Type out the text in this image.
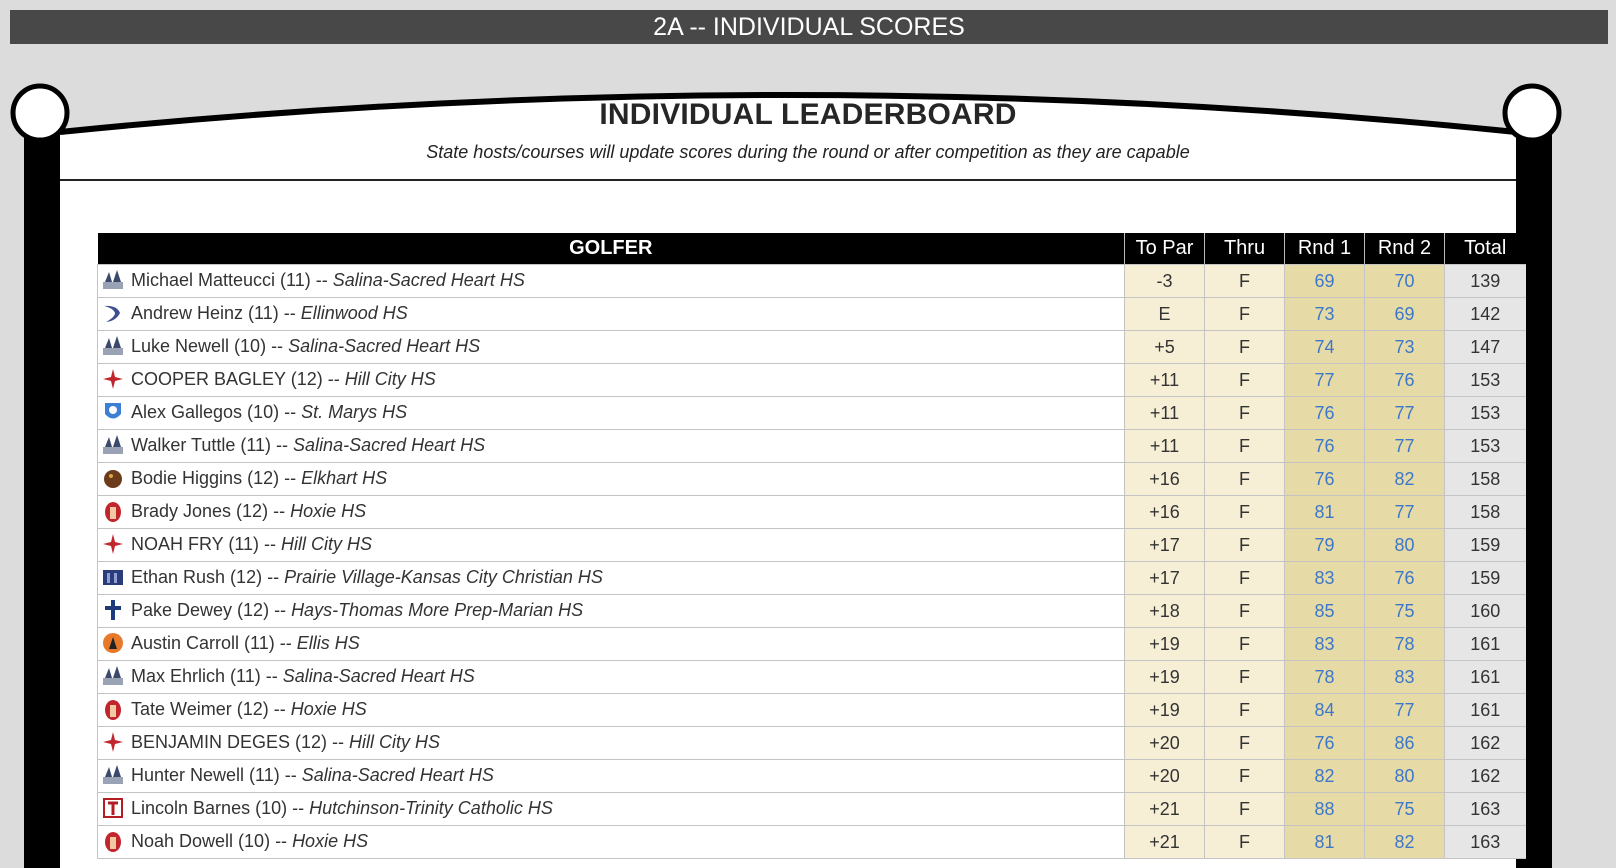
2A -- INDIVIDUAL SCORES
INDIVIDUAL LEADERBOARD
State hosts/courses will update scores during the round or after competition as they are capable
GOLFER	To Par	Thru	Rnd 1	Rnd 2	Total

Michael Matteucci (11) -- Salina-Sacred Heart HS	-3	F	69	70	139

Andrew Heinz (11) -- Ellinwood HS	E	F	73	69	142

Luke Newell (10) -- Salina-Sacred Heart HS	+5	F	74	73	147

COOPER BAGLEY (12) -- Hill City HS	+11	F	77	76	153

Alex Gallegos (10) -- St. Marys HS	+11	F	76	77	153

Walker Tuttle (11) -- Salina-Sacred Heart HS	+11	F	76	77	153

Bodie Higgins (12) -- Elkhart HS	+16	F	76	82	158

Brady Jones (12) -- Hoxie HS	+16	F	81	77	158

NOAH FRY (11) -- Hill City HS	+17	F	79	80	159

Ethan Rush (12) -- Prairie Village-Kansas City Christian HS	+17	F	83	76	159

Pake Dewey (12) -- Hays-Thomas More Prep-Marian HS	+18	F	85	75	160

Austin Carroll (11) -- Ellis HS	+19	F	83	78	161

Max Ehrlich (11) -- Salina-Sacred Heart HS	+19	F	78	83	161

Tate Weimer (12) -- Hoxie HS	+19	F	84	77	161

BENJAMIN DEGES (12) -- Hill City HS	+20	F	76	86	162

Hunter Newell (11) -- Salina-Sacred Heart HS	+20	F	82	80	162

Lincoln Barnes (10) -- Hutchinson-Trinity Catholic HS	+21	F	88	75	163

Noah Dowell (10) -- Hoxie HS	+21	F	81	82	163
